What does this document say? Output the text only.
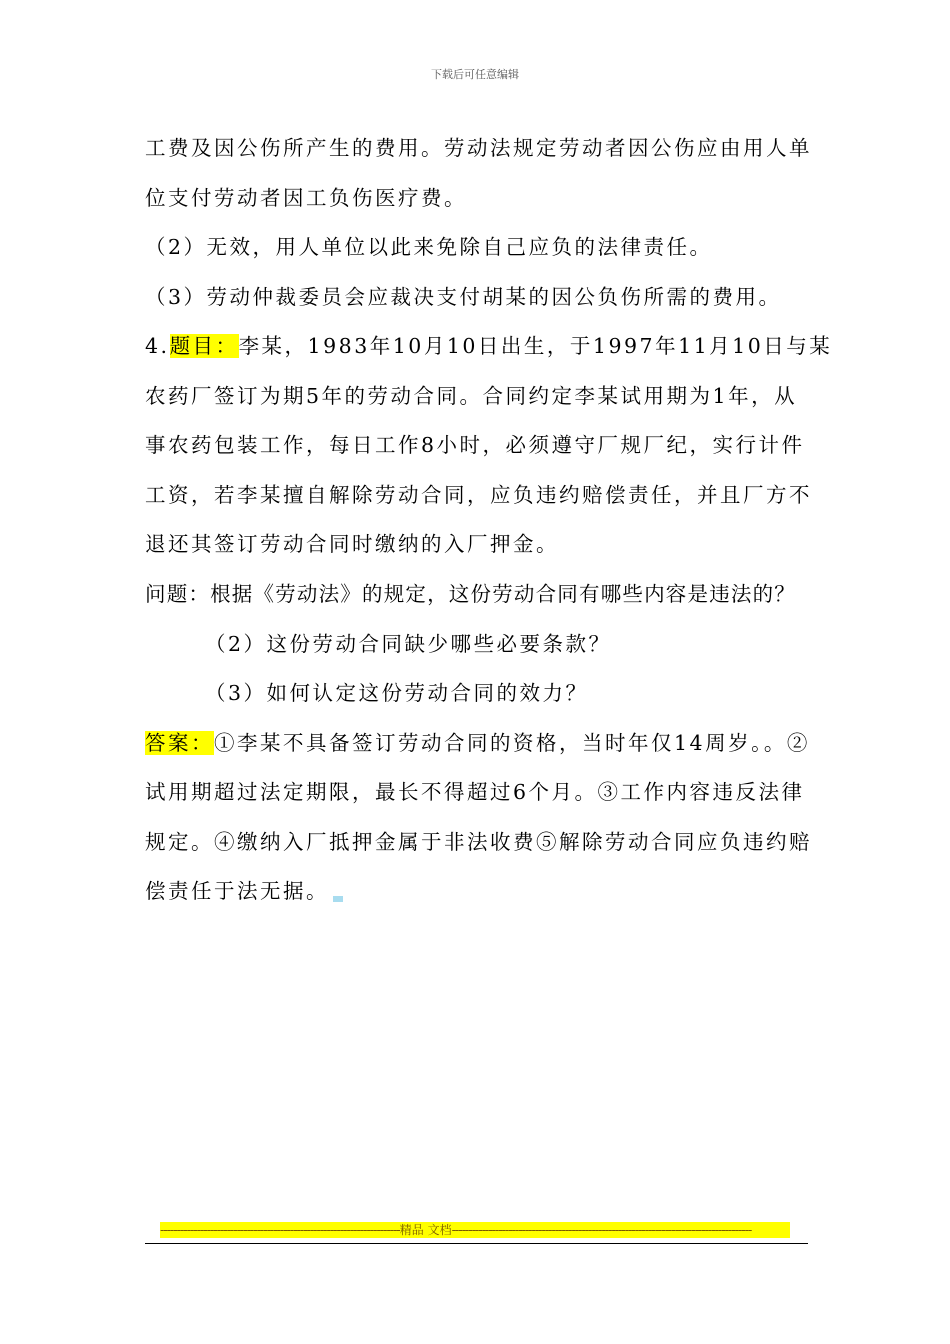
下载后可任意编辑
工费及因公伤所产生的费用。劳动法规定劳动者因公伤应由用人单
位支付劳动者因工负伤医疗费。
（2）无效，用人单位以此来免除自己应负的法律责任。
（3）劳动仲裁委员会应裁决支付胡某的因公负伤所需的费用。
4.题目：李某，1983年10月10日出生，于1997年11月10日与某
农药厂签订为期5年的劳动合同。合同约定李某试用期为1年，从
事农药包装工作，每日工作8小时，必须遵守厂规厂纪，实行计件
工资，若李某擅自解除劳动合同，应负违约赔偿责任，并且厂方不
退还其签订劳动合同时缴纳的入厂押金。
问题：根据《劳动法》的规定，这份劳动合同有哪些内容是违法的？
（2）这份劳动合同缺少哪些必要条款？
（3）如何认定这份劳动合同的效力？
答案：①李某不具备签订劳动合同的资格，当时年仅14周岁。。②
试用期超过法定期限，最长不得超过6个月。③工作内容违反法律
规定。④缴纳入厂抵押金属于非法收费⑤解除劳动合同应负违约赔
偿责任于法无据。
------------------------------------------------------------------------精品 文档------------------------------------------------------------------------------------------
